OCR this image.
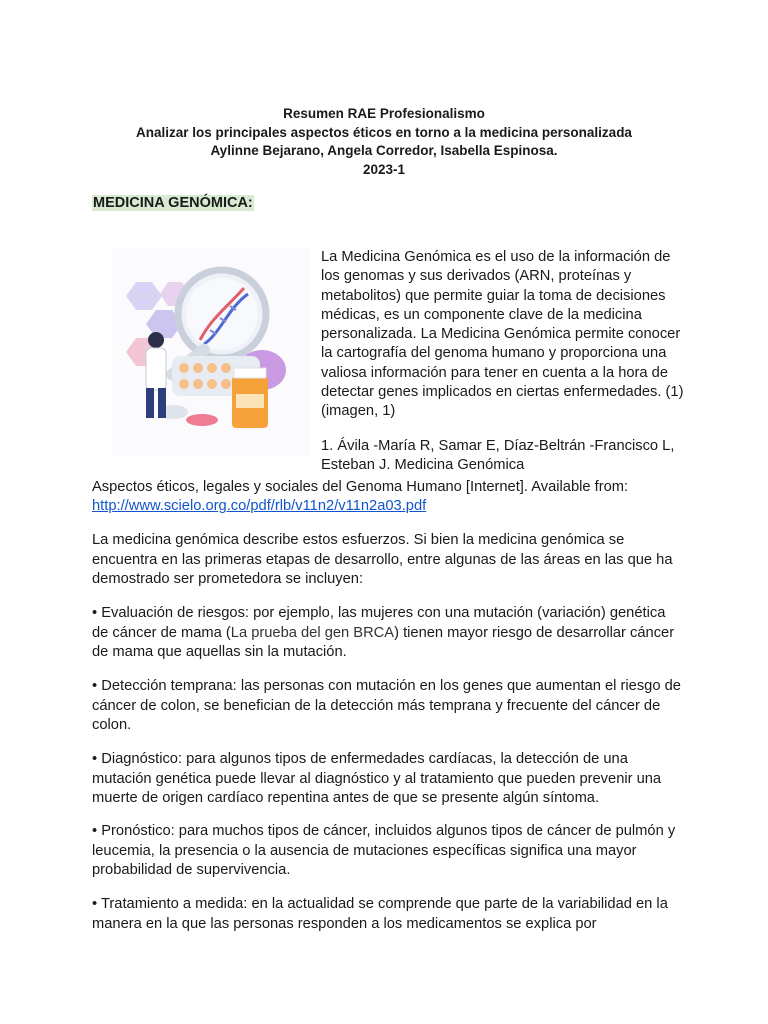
Resumen RAE Profesionalismo
Analizar los principales aspectos éticos en torno a la medicina personalizada
Aylinne Bejarano, Angela Corredor, Isabella Espinosa.
2023-1
MEDICINA GENÓMICA:
La Medicina Genómica es el uso de la información de los genomas y sus derivados (ARN, proteínas y metabolitos) que permite guiar la toma de decisiones médicas, es un componente clave de la medicina personalizada. La Medicina Genómica permite conocer la cartografía del genoma humano y proporciona una valiosa información para tener en cuenta a la hora de detectar genes implicados en ciertas enfermedades. (1) (imagen, 1)
1. Ávila -María R, Samar E, Díaz-Beltrán -Francisco L, Esteban J. Medicina Genómica
Aspectos éticos, legales y sociales del Genoma Humano [Internet]. Available from: http://www.scielo.org.co/pdf/rlb/v11n2/v11n2a03.pdf
La medicina genómica describe estos esfuerzos. Si bien la medicina genómica se encuentra en las primeras etapas de desarrollo, entre algunas de las áreas en las que ha demostrado ser prometedora se incluyen:
• Evaluación de riesgos: por ejemplo, las mujeres con una mutación (variación) genética de cáncer de mama (La prueba del gen BRCA) tienen mayor riesgo de desarrollar cáncer de mama que aquellas sin la mutación.
• Detección temprana: las personas con mutación en los genes que aumentan el riesgo de cáncer de colon, se benefician de la detección más temprana y frecuente del cáncer de colon.
• Diagnóstico: para algunos tipos de enfermedades cardíacas, la detección de una mutación genética puede llevar al diagnóstico y al tratamiento que pueden prevenir una muerte de origen cardíaco repentina antes de que se presente algún síntoma.
• Pronóstico: para muchos tipos de cáncer, incluidos algunos tipos de cáncer de pulmón y leucemia, la presencia o la ausencia de mutaciones específicas significa una mayor probabilidad de supervivencia.
• Tratamiento a medida: en la actualidad se comprende que parte de la variabilidad en la manera en la que las personas responden a los medicamentos se explica por
